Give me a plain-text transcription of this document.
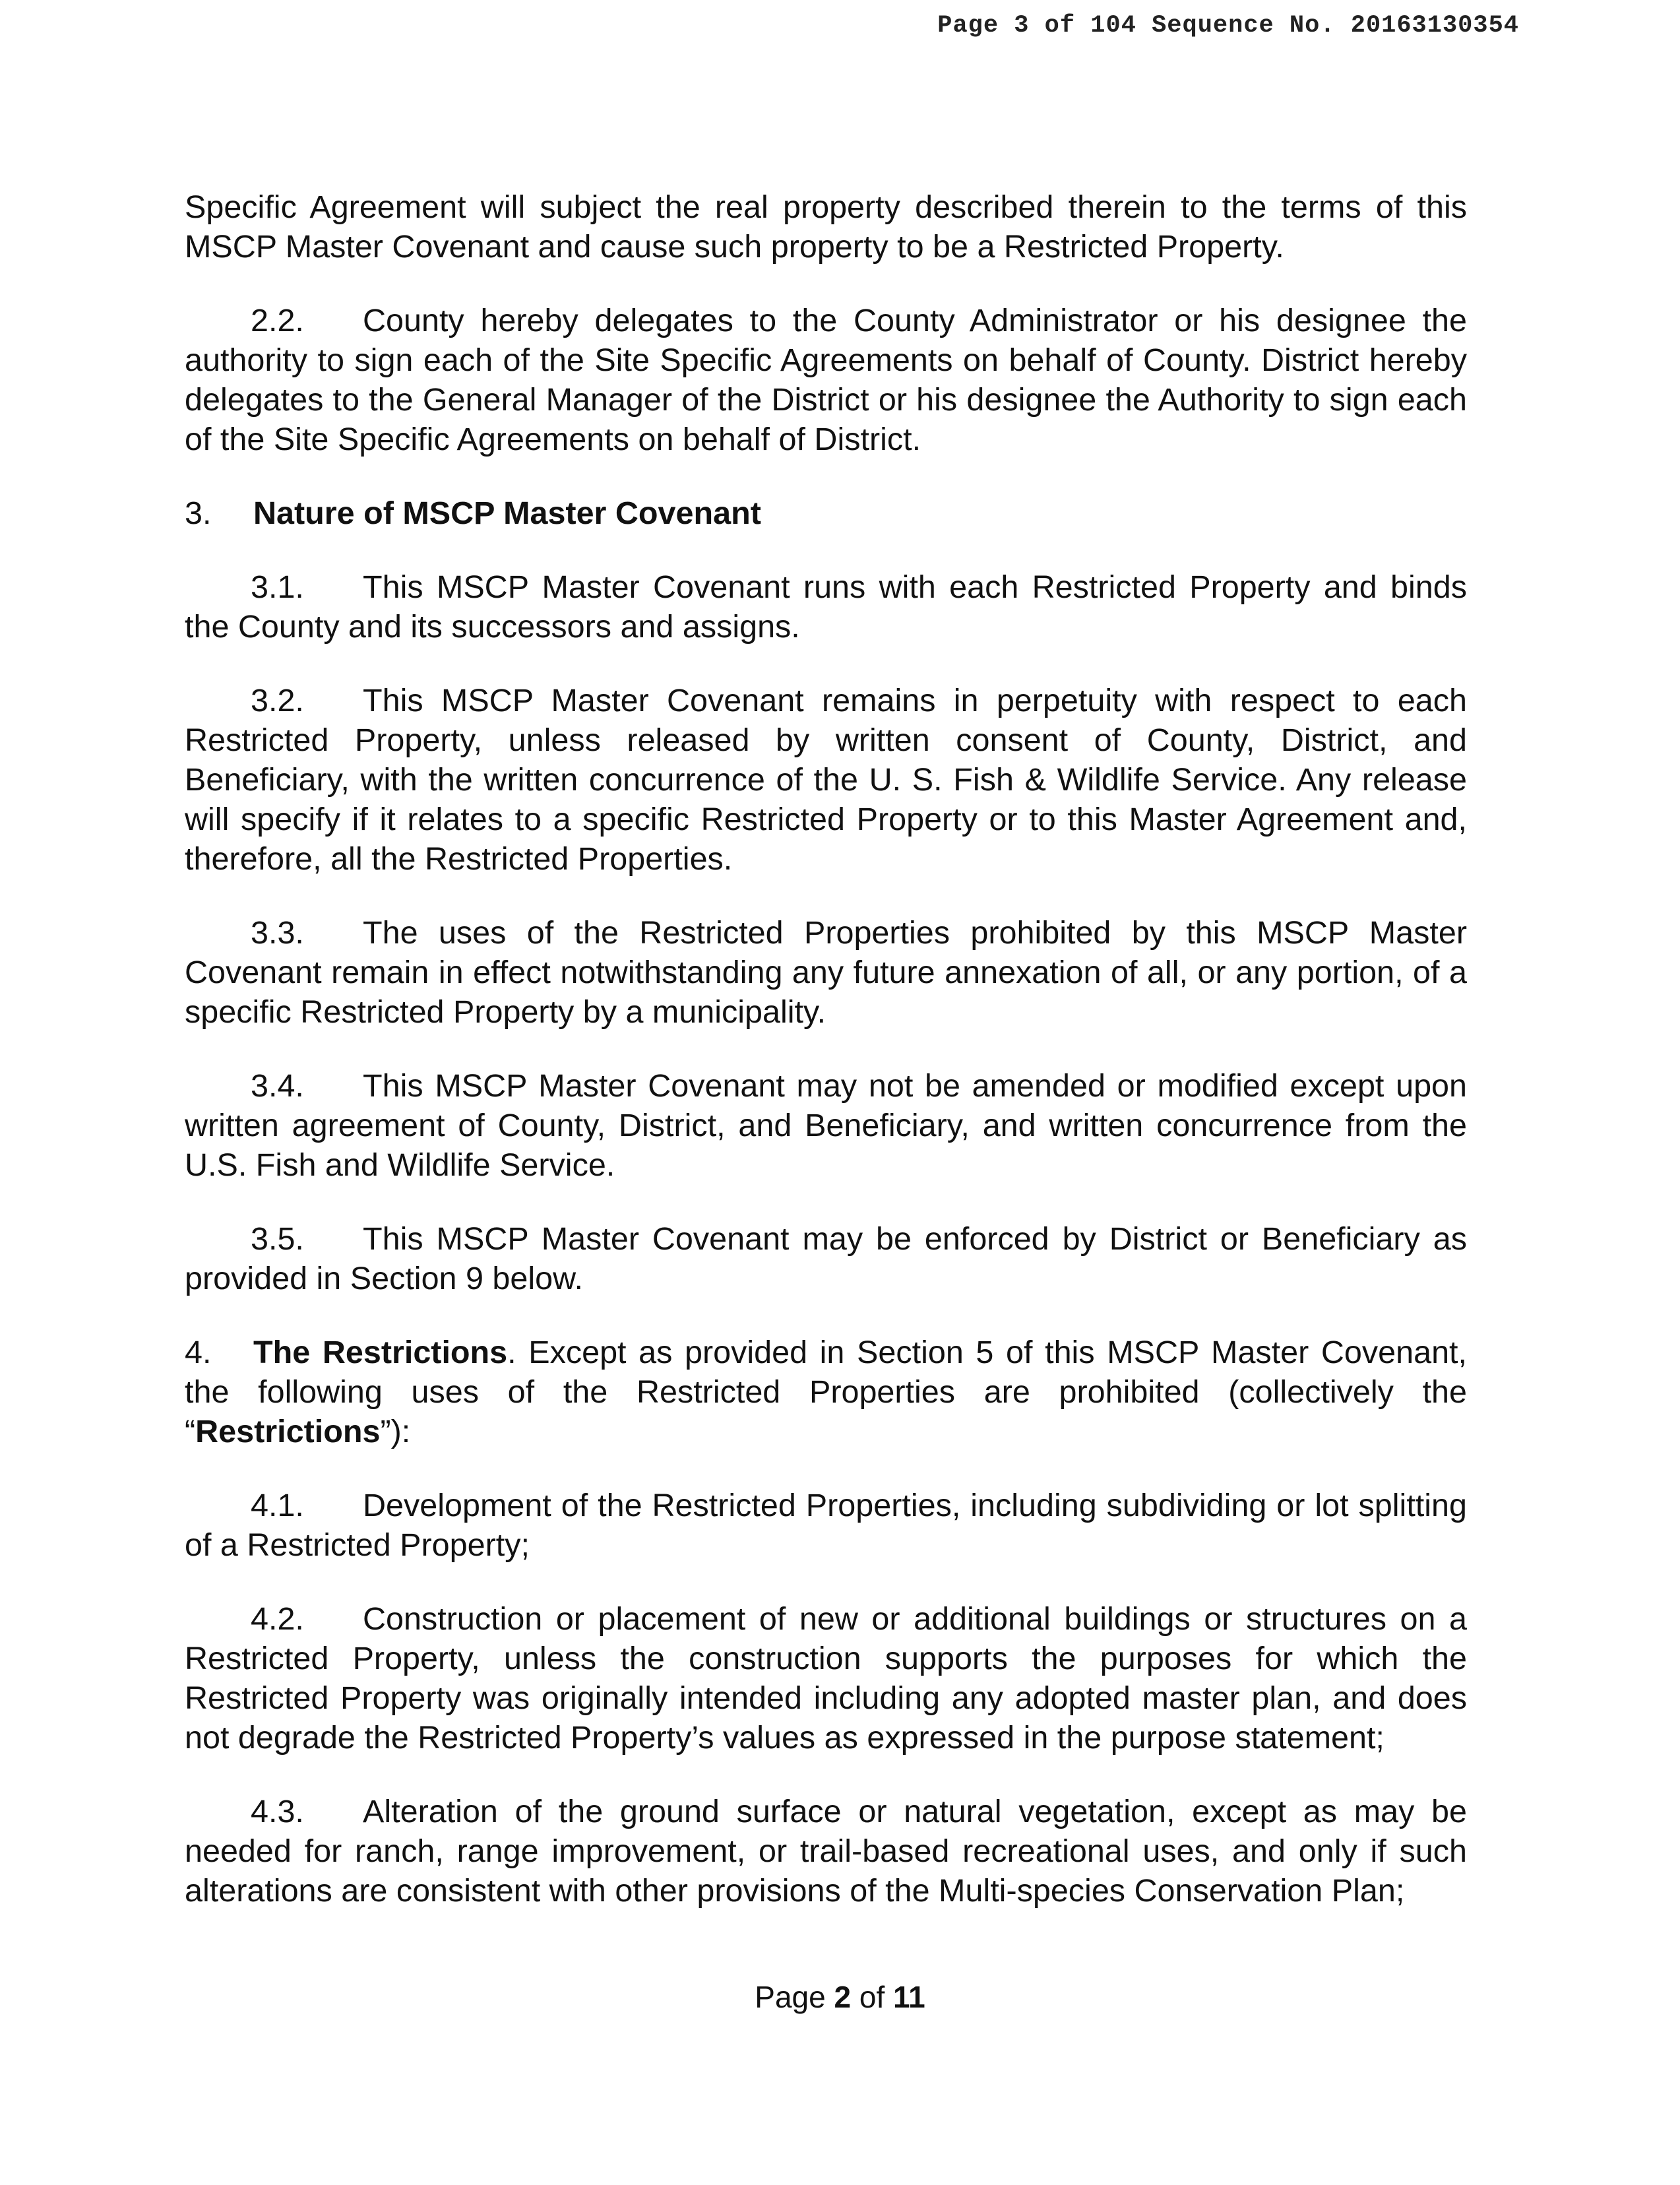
Page 3 of 104 Sequence No. 20163130354

Specific Agreement will subject the real property described therein to the terms of this MSCP Master Covenant and cause such property to be a Restricted Property.

2.2. County hereby delegates to the County Administrator or his designee the authority to sign each of the Site Specific Agreements on behalf of County. District hereby delegates to the General Manager of the District or his designee the Authority to sign each of the Site Specific Agreements on behalf of District.

3. Nature of MSCP Master Covenant

3.1. This MSCP Master Covenant runs with each Restricted Property and binds the County and its successors and assigns.

3.2. This MSCP Master Covenant remains in perpetuity with respect to each Restricted Property, unless released by written consent of County, District, and Beneficiary, with the written concurrence of the U. S. Fish & Wildlife Service. Any release will specify if it relates to a specific Restricted Property or to this Master Agreement and, therefore, all the Restricted Properties.

3.3. The uses of the Restricted Properties prohibited by this MSCP Master Covenant remain in effect notwithstanding any future annexation of all, or any portion, of a specific Restricted Property by a municipality.

3.4. This MSCP Master Covenant may not be amended or modified except upon written agreement of County, District, and Beneficiary, and written concurrence from the U.S. Fish and Wildlife Service.

3.5. This MSCP Master Covenant may be enforced by District or Beneficiary as provided in Section 9 below.

4. The Restrictions. Except as provided in Section 5 of this MSCP Master Covenant, the following uses of the Restricted Properties are prohibited (collectively the “Restrictions”):

4.1. Development of the Restricted Properties, including subdividing or lot splitting of a Restricted Property;

4.2. Construction or placement of new or additional buildings or structures on a Restricted Property, unless the construction supports the purposes for which the Restricted Property was originally intended including any adopted master plan, and does not degrade the Restricted Property’s values as expressed in the purpose statement;

4.3. Alteration of the ground surface or natural vegetation, except as may be needed for ranch, range improvement, or trail-based recreational uses, and only if such alterations are consistent with other provisions of the Multi-species Conservation Plan;

Page 2 of 11
